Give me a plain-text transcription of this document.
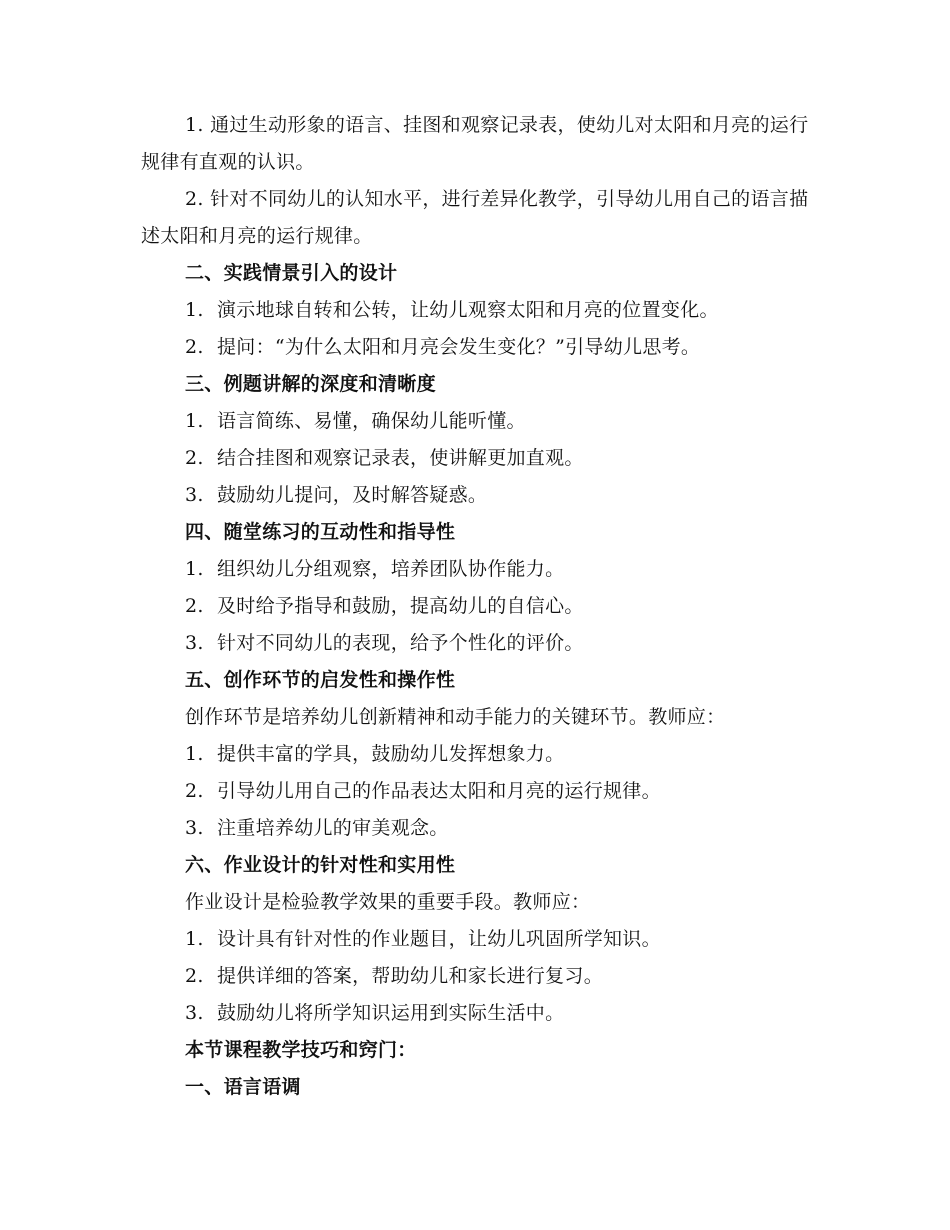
1. 通过生动形象的语言、挂图和观察记录表，使幼儿对太阳和月亮的运行规律有直观的认识。

2. 针对不同幼儿的认知水平，进行差异化教学，引导幼儿用自己的语言描述太阳和月亮的运行规律。

二、实践情景引入的设计

1. 演示地球自转和公转，让幼儿观察太阳和月亮的位置变化。

2. 提问：“为什么太阳和月亮会发生变化？”引导幼儿思考。

三、例题讲解的深度和清晰度

1. 语言简练、易懂，确保幼儿能听懂。

2. 结合挂图和观察记录表，使讲解更加直观。

3. 鼓励幼儿提问，及时解答疑惑。

四、随堂练习的互动性和指导性

1. 组织幼儿分组观察，培养团队协作能力。

2. 及时给予指导和鼓励，提高幼儿的自信心。

3. 针对不同幼儿的表现，给予个性化的评价。

五、创作环节的启发性和操作性

创作环节是培养幼儿创新精神和动手能力的关键环节。教师应：

1. 提供丰富的学具，鼓励幼儿发挥想象力。

2. 引导幼儿用自己的作品表达太阳和月亮的运行规律。

3. 注重培养幼儿的审美观念。

六、作业设计的针对性和实用性

作业设计是检验教学效果的重要手段。教师应：

1. 设计具有针对性的作业题目，让幼儿巩固所学知识。

2. 提供详细的答案，帮助幼儿和家长进行复习。

3. 鼓励幼儿将所学知识运用到实际生活中。

本节课程教学技巧和窍门：

一、语言语调
